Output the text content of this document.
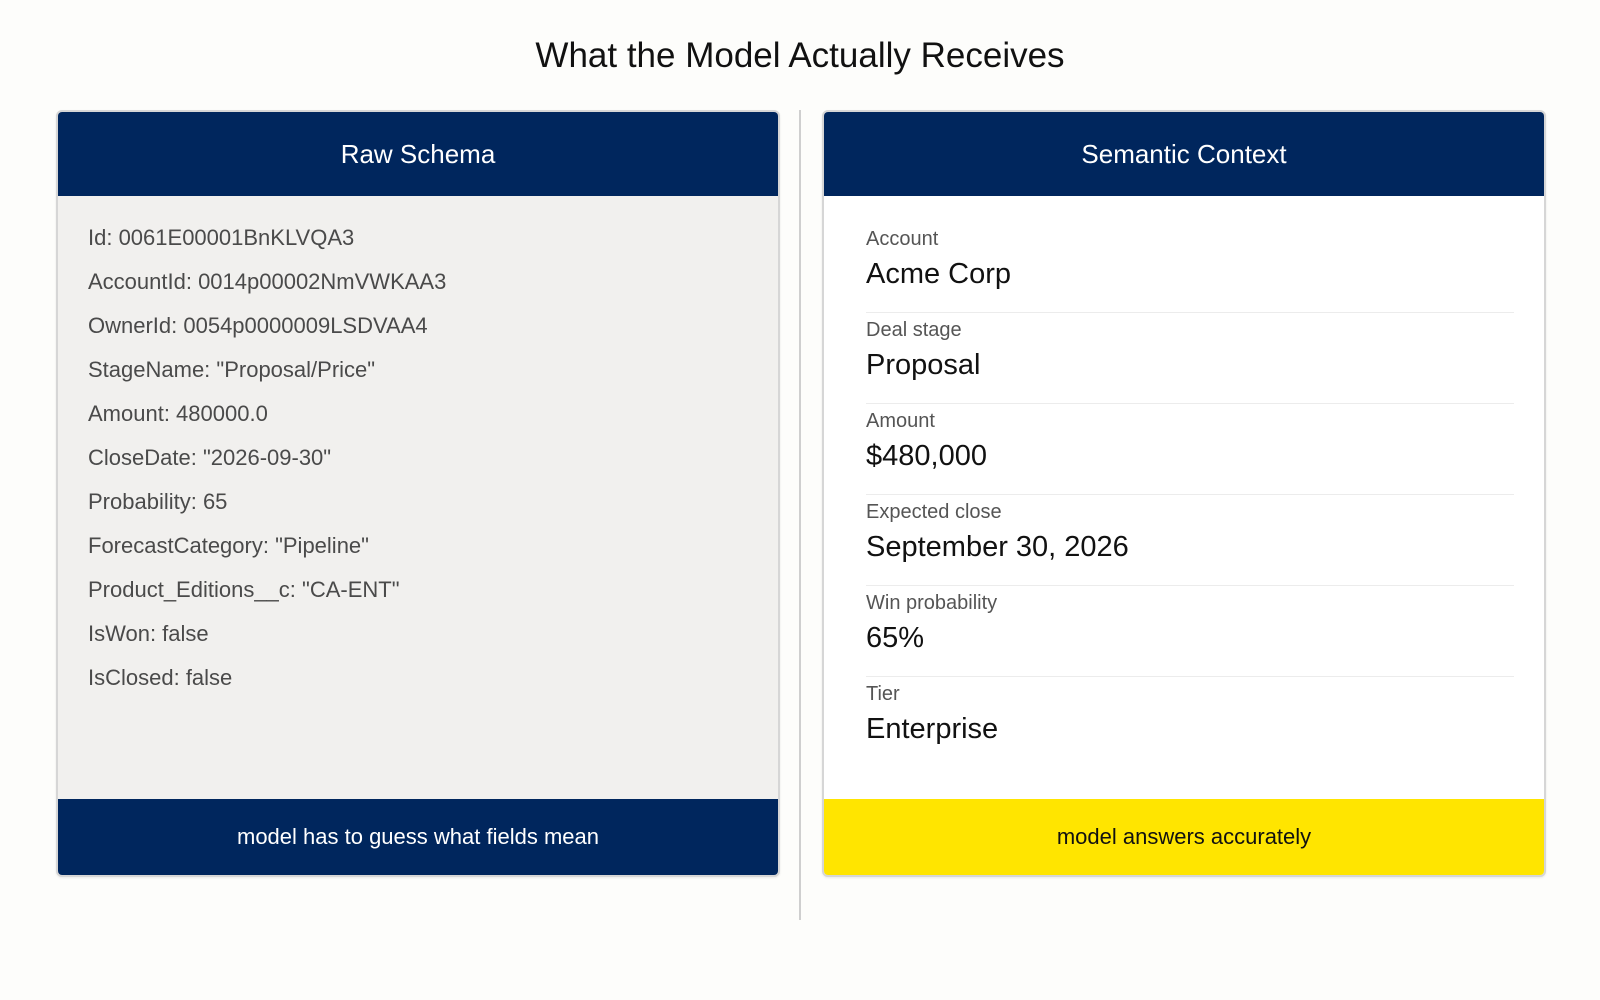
What the Model Actually Receives
Raw Schema
Id: 0061E00001BnKLVQA3
AccountId: 0014p00002NmVWKAA3
OwnerId: 0054p0000009LSDVAA4
StageName: "Proposal/Price"
Amount: 480000.0
CloseDate: "2026-09-30"
Probability: 65
ForecastCategory: "Pipeline"
Product_Editions__c: "CA-ENT"
IsWon: false
IsClosed: false
model has to guess what fields mean
Semantic Context
Account
Acme Corp
Deal stage
Proposal
Amount
$480,000
Expected close
September 30, 2026
Win probability
65%
Tier
Enterprise
model answers accurately
